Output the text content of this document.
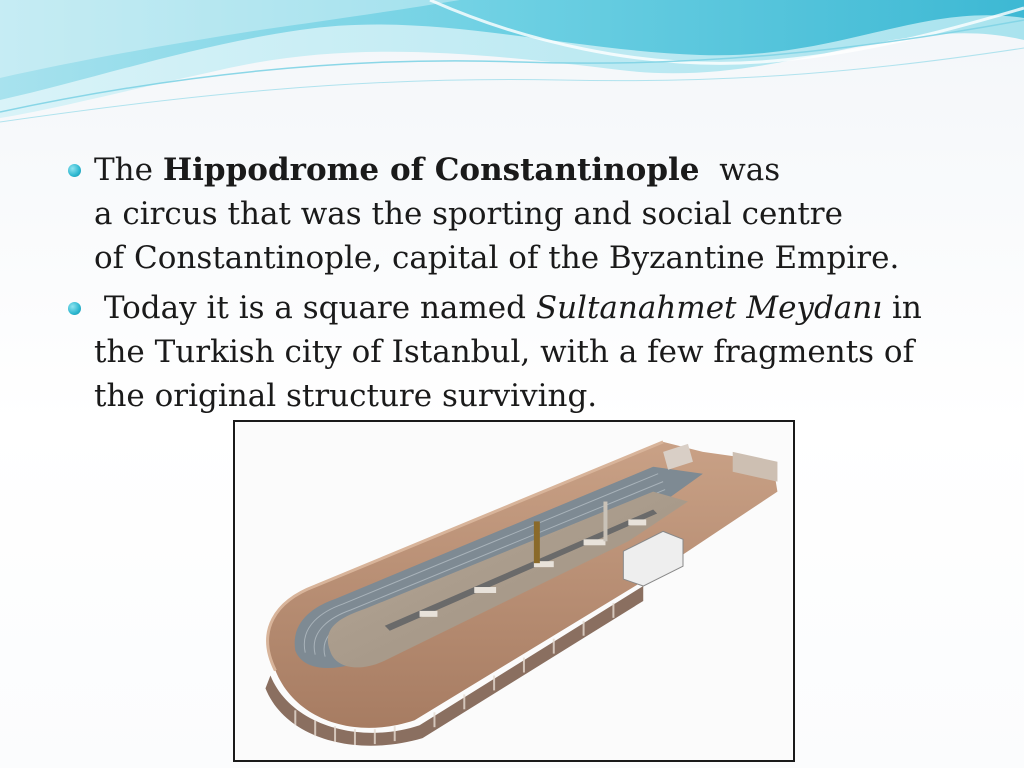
The Hippodrome of Constantinople  was
a circus that was the sporting and social centre
of Constantinople, capital of the Byzantine Empire.
Today it is a square named Sultanahmet Meydanı in
the Turkish city of Istanbul, with a few fragments of
the original structure surviving.
